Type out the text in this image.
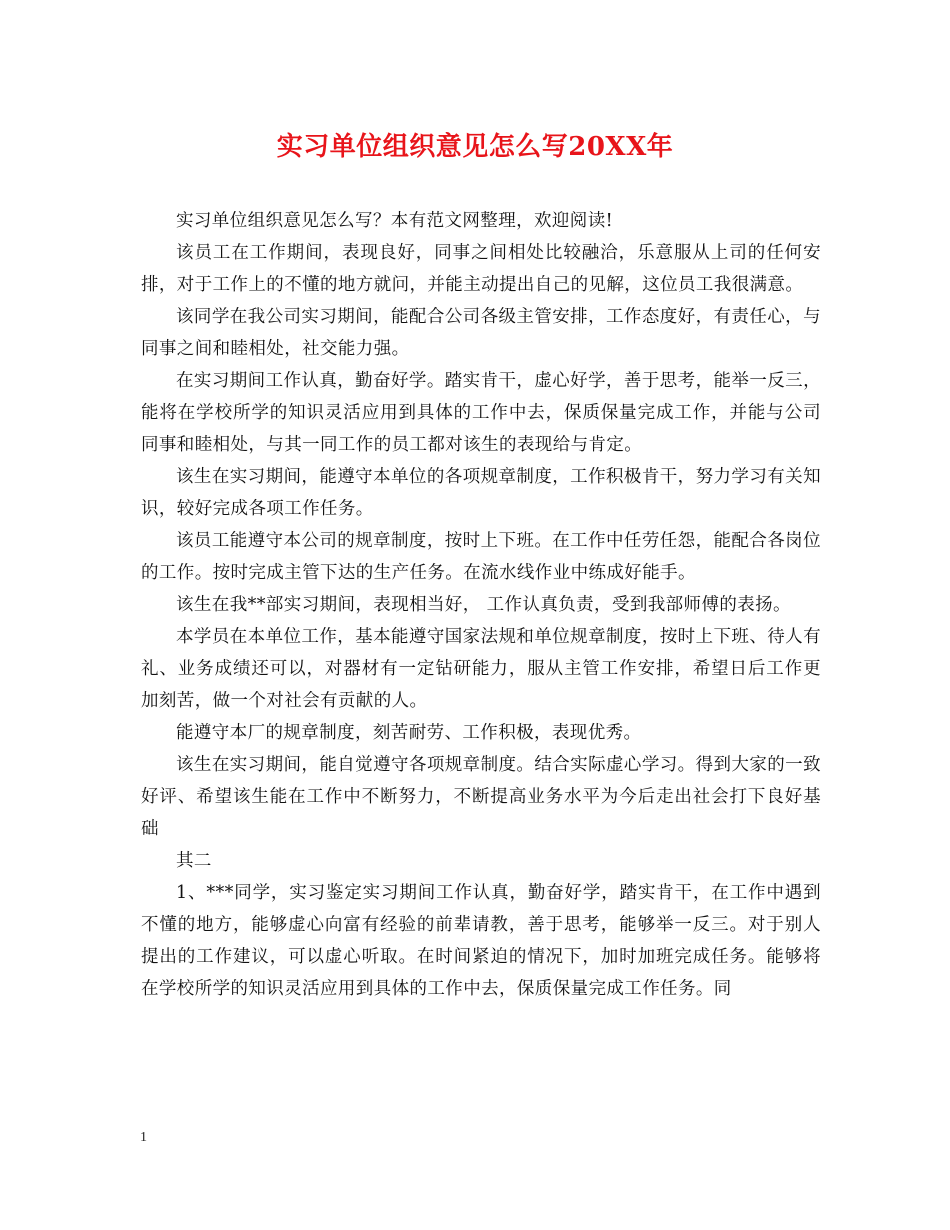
实习单位组织意见怎么写20XX年

实习单位组织意见怎么写？本有范文网整理，欢迎阅读!

该员工在工作期间，表现良好，同事之间相处比较融洽，乐意服从上司的任何安排，对于工作上的不懂的地方就问，并能主动提出自己的见解，这位员工我很满意。

该同学在我公司实习期间，能配合公司各级主管安排，工作态度好，有责任心，与同事之间和睦相处，社交能力强。

在实习期间工作认真，勤奋好学。踏实肯干，虚心好学，善于思考，能举一反三，能将在学校所学的知识灵活应用到具体的工作中去，保质保量完成工作，并能与公司同事和睦相处，与其一同工作的员工都对该生的表现给与肯定。

该生在实习期间，能遵守本单位的各项规章制度，工作积极肯干，努力学习有关知识，较好完成各项工作任务。

该员工能遵守本公司的规章制度，按时上下班。在工作中任劳任怨，能配合各岗位的工作。按时完成主管下达的生产任务。在流水线作业中练成好能手。

该生在我**部实习期间，表现相当好， 工作认真负责，受到我部师傅的表扬。

本学员在本单位工作，基本能遵守国家法规和单位规章制度，按时上下班、待人有礼、业务成绩还可以，对器材有一定钻研能力，服从主管工作安排，希望日后工作更加刻苦，做一个对社会有贡献的人。

能遵守本厂的规章制度，刻苦耐劳、工作积极，表现优秀。

该生在实习期间，能自觉遵守各项规章制度。结合实际虚心学习。得到大家的一致好评、希望该生能在工作中不断努力，不断提高业务水平为今后走出社会打下良好基础

其二

1、***同学，实习鉴定实习期间工作认真，勤奋好学，踏实肯干，在工作中遇到不懂的地方，能够虚心向富有经验的前辈请教，善于思考，能够举一反三。对于别人提出的工作建议，可以虚心听取。在时间紧迫的情况下，加时加班完成任务。能够将在学校所学的知识灵活应用到具体的工作中去，保质保量完成工作任务。同

1
